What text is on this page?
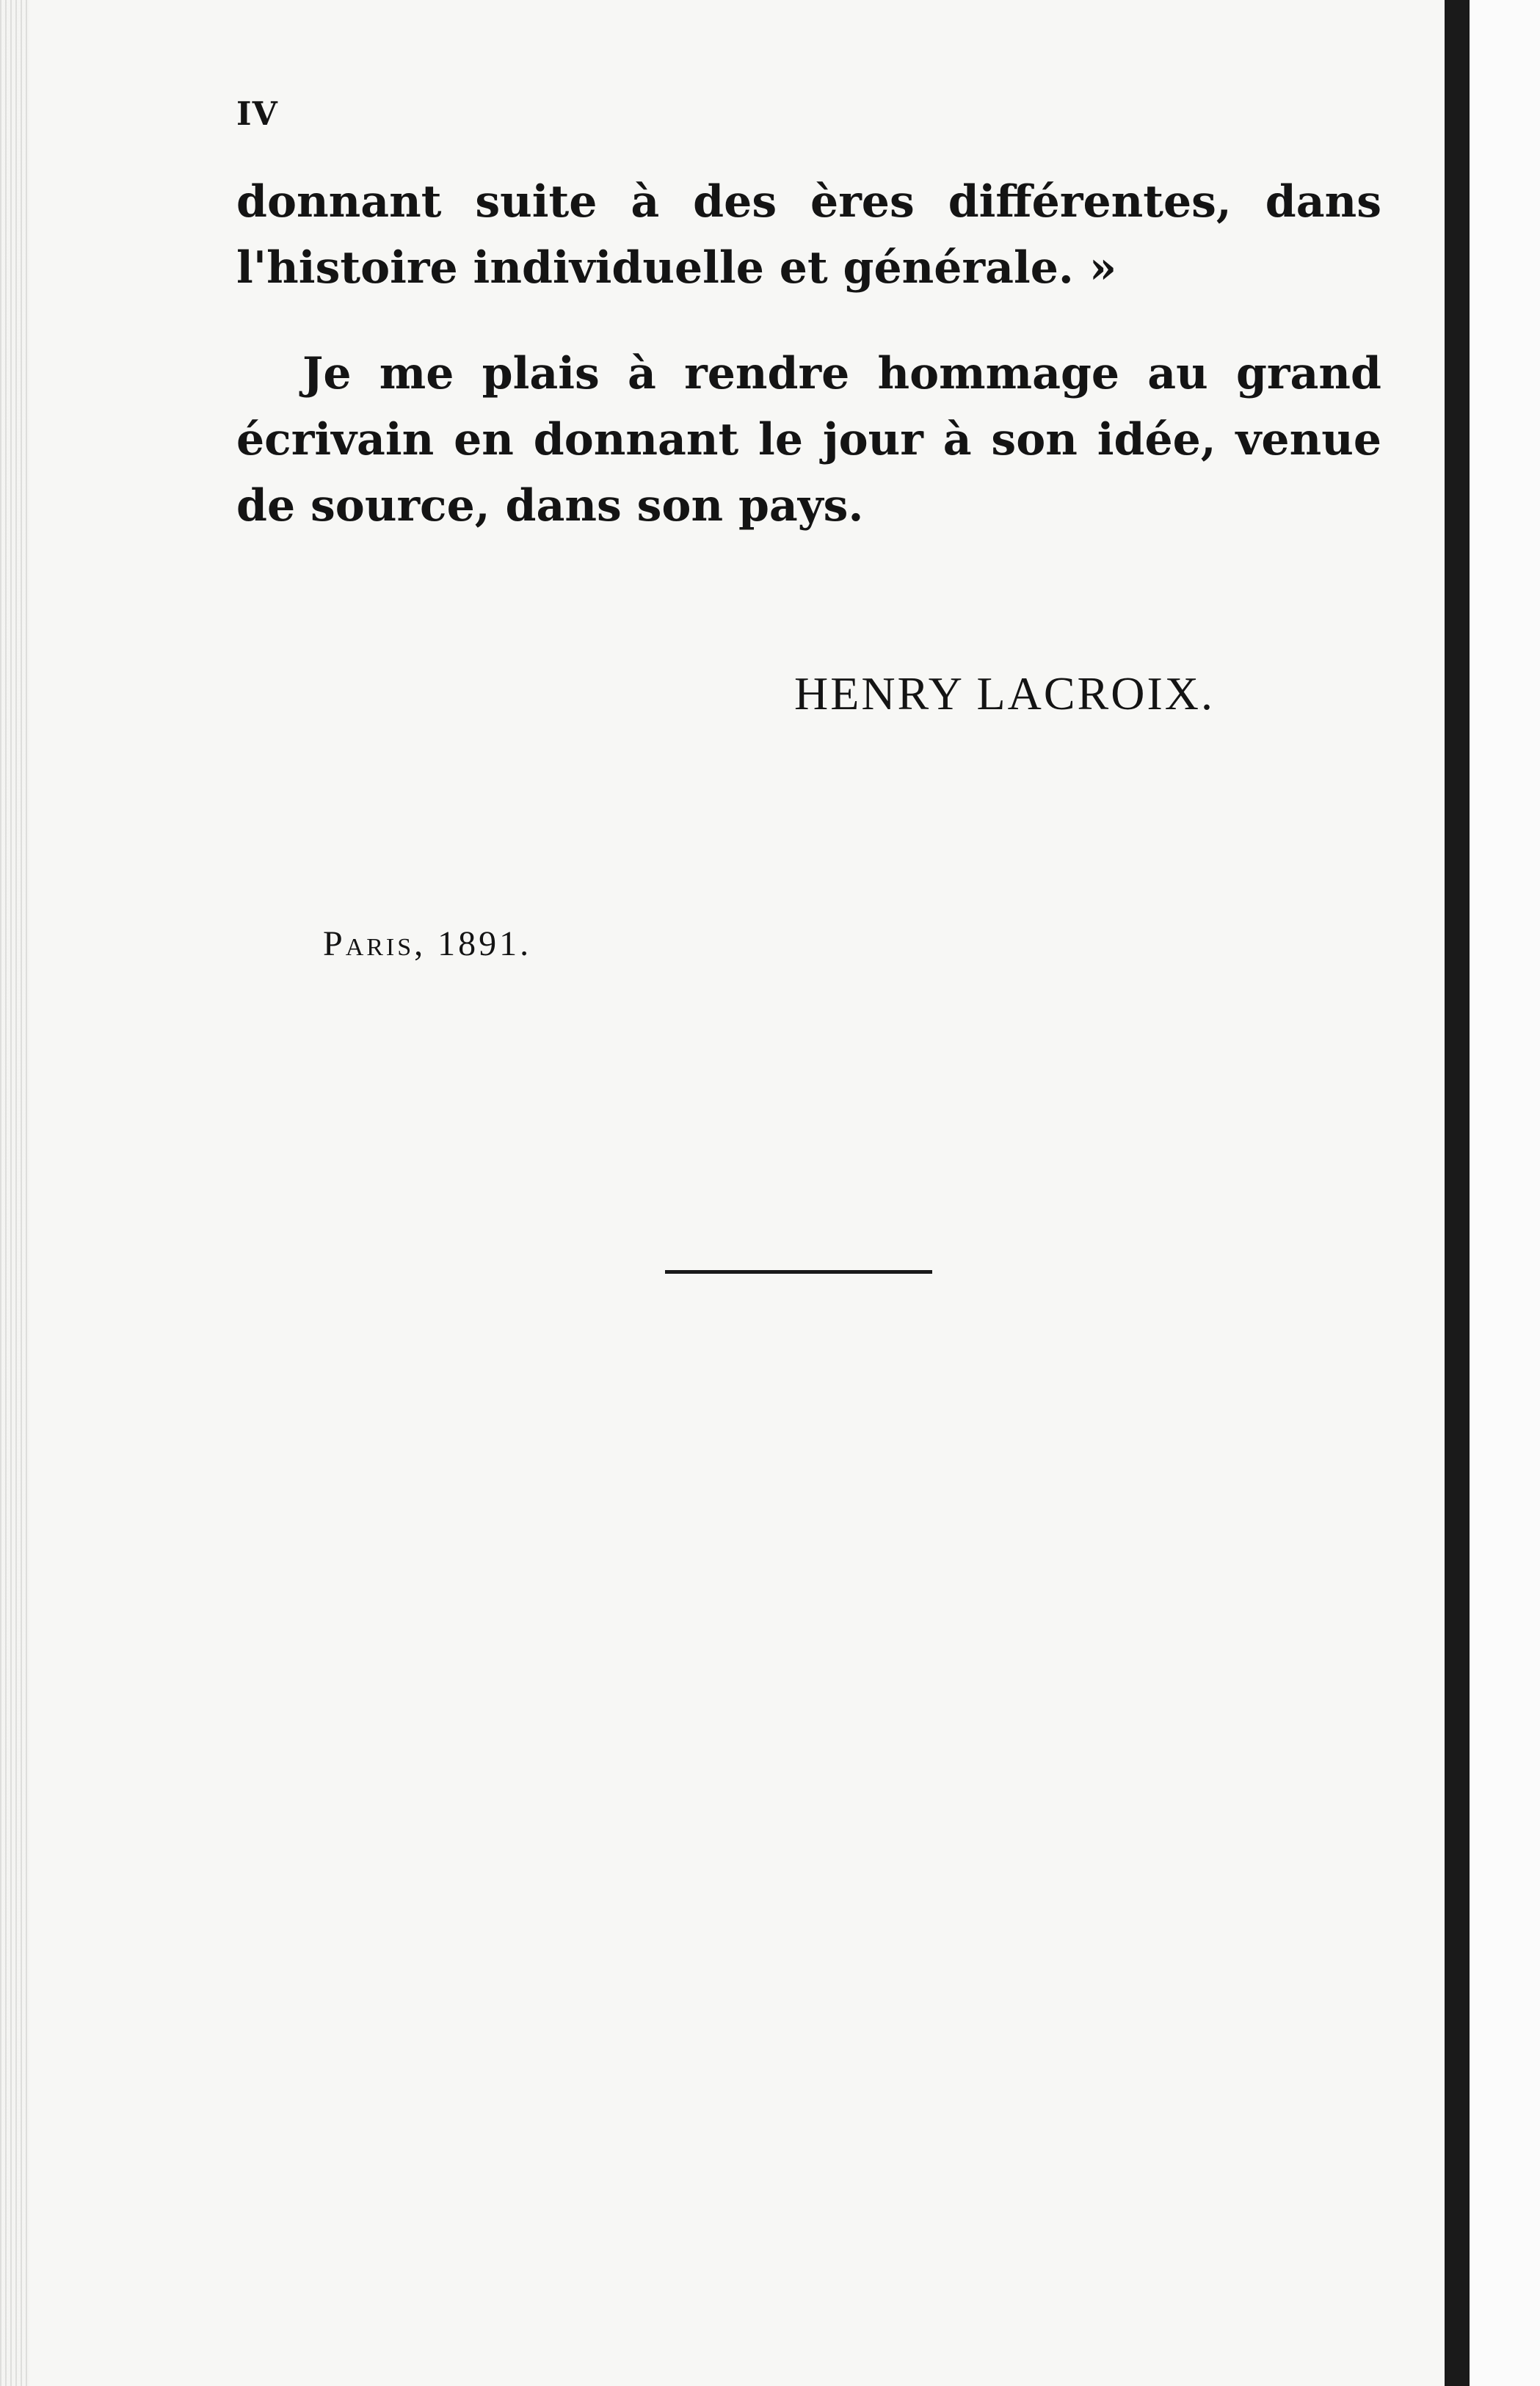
IV

donnant suite à des ères différentes, dans l'histoire individuelle et générale. »

Je me plais à rendre hommage au grand écrivain en donnant le jour à son idée, venue de source, dans son pays.

HENRY LACROIX.
Paris, 1891.
